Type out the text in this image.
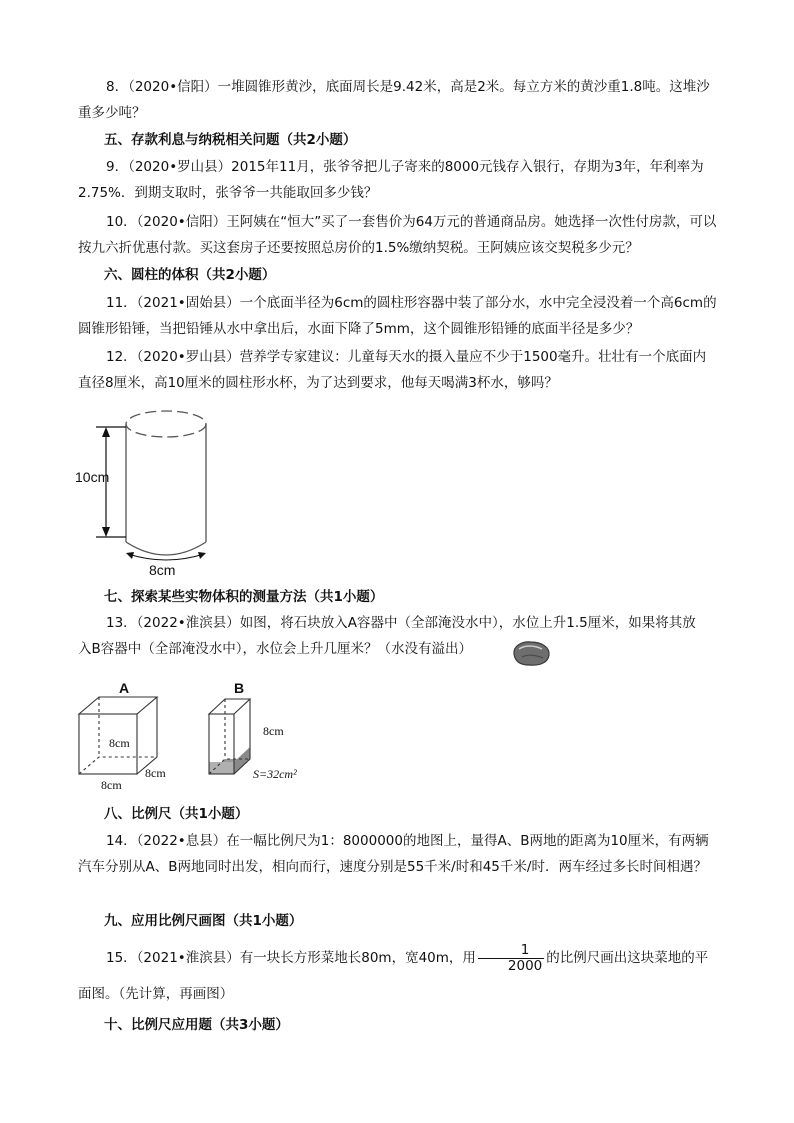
8．（2020•信阳）一堆圆锥形黄沙，底面周长是9.42米，高是2米。每立方米的黄沙重1.8吨。这堆沙重多少吨？

五、存款利息与纳税相关问题（共2小题）

9．（2020•罗山县）2015年11月，张爷爷把儿子寄来的8000元钱存入银行，存期为3年，年利率为2.75%．到期支取时，张爷爷一共能取回多少钱？

10．（2020•信阳）王阿姨在“恒大”买了一套售价为64万元的普通商品房。她选择一次性付房款，可以按九六折优惠付款。买这套房子还要按照总房价的1.5%缴纳契税。王阿姨应该交契税多少元？

六、圆柱的体积（共2小题）

11．（2021•固始县）一个底面半径为6cm的圆柱形容器中装了部分水，水中完全浸没着一个高6cm的圆锥形铅锤，当把铅锤从水中拿出后，水面下降了5mm，这个圆锥形铅锤的底面半径是多少？

12．（2020•罗山县）营养学专家建议：儿童每天水的摄入量应不少于1500毫升。壮壮有一个底面内直径8厘米，高10厘米的圆柱形水杯，为了达到要求，他每天喝满3杯水，够吗？

10cm
8cm

七、探索某些实物体积的测量方法（共1小题）

13．（2022•淮滨县）如图，将石块放入A容器中（全部淹没水中），水位上升1.5厘米，如果将其放入B容器中（全部淹没水中），水位会上升几厘米？（水没有溢出）

A
8cm
8cm
8cm
B
8cm
S=32cm²

八、比例尺（共1小题）

14．（2022•息县）在一幅比例尺为1：8000000的地图上，量得A、B两地的距离为10厘米，有两辆汽车分别从A、B两地同时出发，相向而行，速度分别是55千米/时和45千米/时．两车经过多长时间相遇？

九、应用比例尺画图（共1小题）

15．（2021•淮滨县）有一块长方形菜地长80m，宽40m，用 $\frac{1}{2000}$ 的比例尺画出这块菜地的平面图。（先计算，再画图）

十、比例尺应用题（共3小题）
